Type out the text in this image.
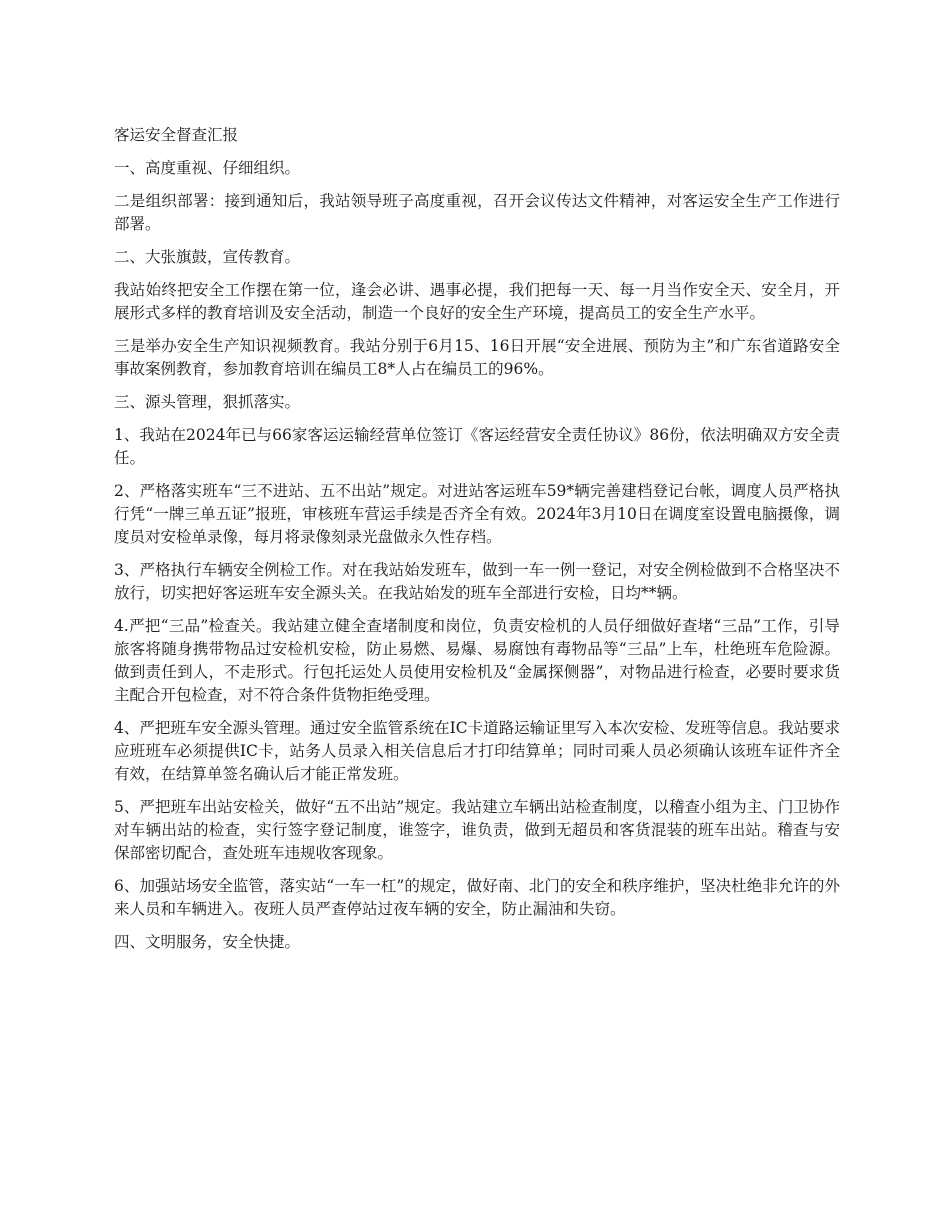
客运安全督查汇报

一、高度重视、仔细组织。

二是组织部署：接到通知后，我站领导班子高度重视，召开会议传达文件精神，对客运安全生产工作进行部署。

二、大张旗鼓，宣传教育。

我站始终把安全工作摆在第一位，逢会必讲、遇事必提，我们把每一天、每一月当作安全天、安全月，开展形式多样的教育培训及安全活动，制造一个良好的安全生产环境，提高员工的安全生产水平。

三是举办安全生产知识视频教育。我站分别于6月15、16日开展“安全进展、预防为主”和广东省道路安全事故案例教育，参加教育培训在编员工8*人占在编员工的96%。

三、源头管理，狠抓落实。

1、我站在2024年已与66家客运运输经营单位签订《客运经营安全责任协议》86份，依法明确双方安全责任。

2、严格落实班车“三不进站、五不出站”规定。对进站客运班车59*辆完善建档登记台帐，调度人员严格执行凭“一牌三单五证”报班，审核班车营运手续是否齐全有效。2024年3月10日在调度室设置电脑摄像，调度员对安检单录像，每月将录像刻录光盘做永久性存档。

3、严格执行车辆安全例检工作。对在我站始发班车，做到一车一例一登记，对安全例检做到不合格坚决不放行，切实把好客运班车安全源头关。在我站始发的班车全部进行安检，日均**辆。

4.严把“三品”检查关。我站建立健全查堵制度和岗位，负责安检机的人员仔细做好查堵“三品”工作，引导旅客将随身携带物品过安检机安检，防止易燃、易爆、易腐蚀有毒物品等“三品”上车，杜绝班车危险源。做到责任到人，不走形式。行包托运处人员使用安检机及“金属探侧器”，对物品进行检查，必要时要求货主配合开包检查，对不符合条件货物拒绝受理。

4、严把班车安全源头管理。通过安全监管系统在IC卡道路运输证里写入本次安检、发班等信息。我站要求应班班车必须提供IC卡，站务人员录入相关信息后才打印结算单；同时司乘人员必须确认该班车证件齐全有效，在结算单签名确认后才能正常发班。

5、严把班车出站安检关，做好“五不出站”规定。我站建立车辆出站检查制度，以稽查小组为主、门卫协作对车辆出站的检查，实行签字登记制度，谁签字，谁负责，做到无超员和客货混装的班车出站。稽查与安保部密切配合，查处班车违规收客现象。

6、加强站场安全监管，落实站“一车一杠”的规定，做好南、北门的安全和秩序维护，坚决杜绝非允许的外来人员和车辆进入。夜班人员严查停站过夜车辆的安全，防止漏油和失窃。

四、文明服务，安全快捷。
